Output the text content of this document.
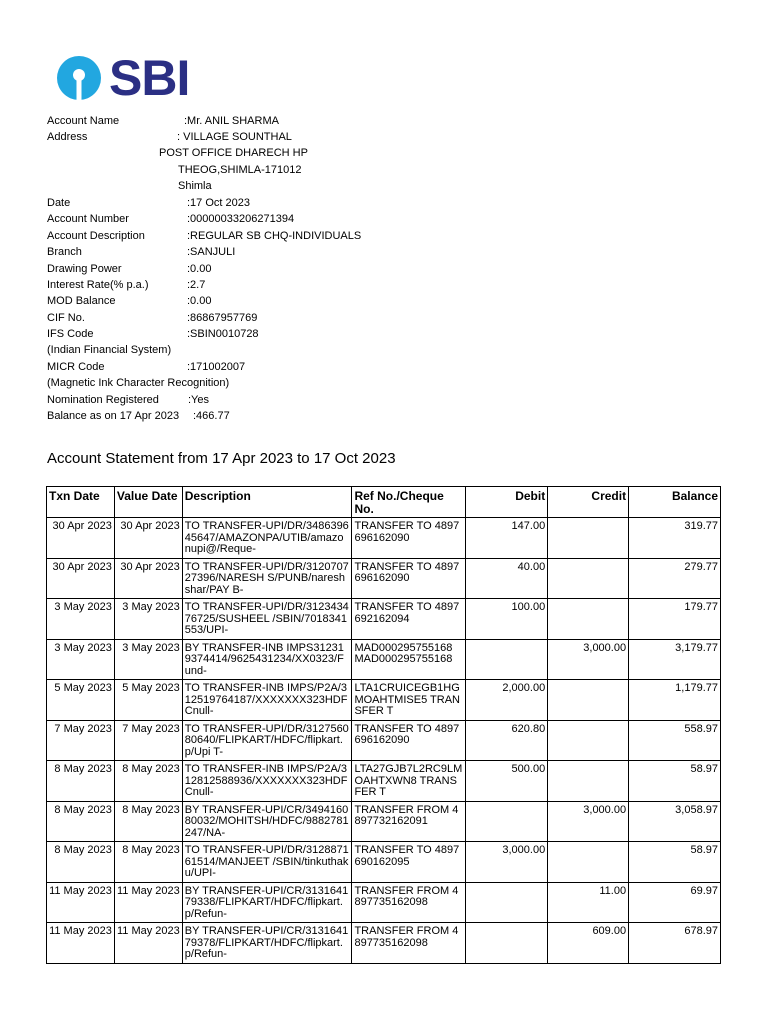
SBI
Account Name	:Mr. ANIL SHARMA
Address	: VILLAGE SOUNTHAL
POST OFFICE DHARECH HP
THEOG,SHIMLA-171012
Shimla
Date	:17 Oct 2023
Account Number	:00000033206271394
Account Description	:REGULAR SB CHQ-INDIVIDUALS
Branch	:SANJULI
Drawing Power	:0.00
Interest Rate(% p.a.)	:2.7
MOD Balance	:0.00
CIF No.	:86867957769
IFS Code	:SBIN0010728
(Indian Financial System)
MICR Code	:171002007
(Magnetic Ink Character Recognition)
Nomination Registered	:Yes
Balance as on 17 Apr 2023 :466.77
Account Statement from 17 Apr 2023 to 17 Oct 2023
Txn Date	Value Date	Description	Ref No./Cheque No.	Debit	Credit	Balance

30 Apr 2023	30 Apr 2023	TO TRANSFER-UPI/DR/348639645647/AMAZONPA/UTIB/amazonupi@/Reque-	TRANSFER TO 4897696162090	147.00		319.77

30 Apr 2023	30 Apr 2023	TO TRANSFER-UPI/DR/312070727396/NARESH S/PUNB/nareshshar/PAY B-	TRANSFER TO 4897696162090	40.00		279.77

3 May 2023	3 May 2023	TO TRANSFER-UPI/DR/312343476725/SUSHEEL /SBIN/7018341553/UPI-	TRANSFER TO 4897692162094	100.00		179.77

3 May 2023	3 May 2023	BY TRANSFER-INB IMPS312319374414/9625431234/XX0323/Fund-	MAD000295755168 MAD000295755168		3,000.00	3,179.77

5 May 2023	5 May 2023	TO TRANSFER-INB IMPS/P2A/312519764187/XXXXXXX323HDFCnull-	LTA1CRUICEGB1HGMOAHTMISE5 TRANSFER T	2,000.00		1,179.77

7 May 2023	7 May 2023	TO TRANSFER-UPI/DR/312756080640/FLIPKART/HDFC/flipkart.p/Upi T-	TRANSFER TO 4897696162090	620.80		558.97

8 May 2023	8 May 2023	TO TRANSFER-INB IMPS/P2A/312812588936/XXXXXXX323HDFCnull-	LTA27GJB7L2RC9LMOAHTXWN8 TRANSFER T	500.00		58.97

8 May 2023	8 May 2023	BY TRANSFER-UPI/CR/349416080032/MOHITSH/HDFC/9882781247/NA-	TRANSFER FROM 4897732162091		3,000.00	3,058.97

8 May 2023	8 May 2023	TO TRANSFER-UPI/DR/312887161514/MANJEET /SBIN/tinkuthaku/UPI-	TRANSFER TO 4897690162095	3,000.00		58.97

11 May 2023	11 May 2023	BY TRANSFER-UPI/CR/313164179338/FLIPKART/HDFC/flipkart.p/Refun-	TRANSFER FROM 4897735162098		11.00	69.97

11 May 2023	11 May 2023	BY TRANSFER-UPI/CR/313164179378/FLIPKART/HDFC/flipkart.p/Refun-	TRANSFER FROM 4897735162098		609.00	678.97
